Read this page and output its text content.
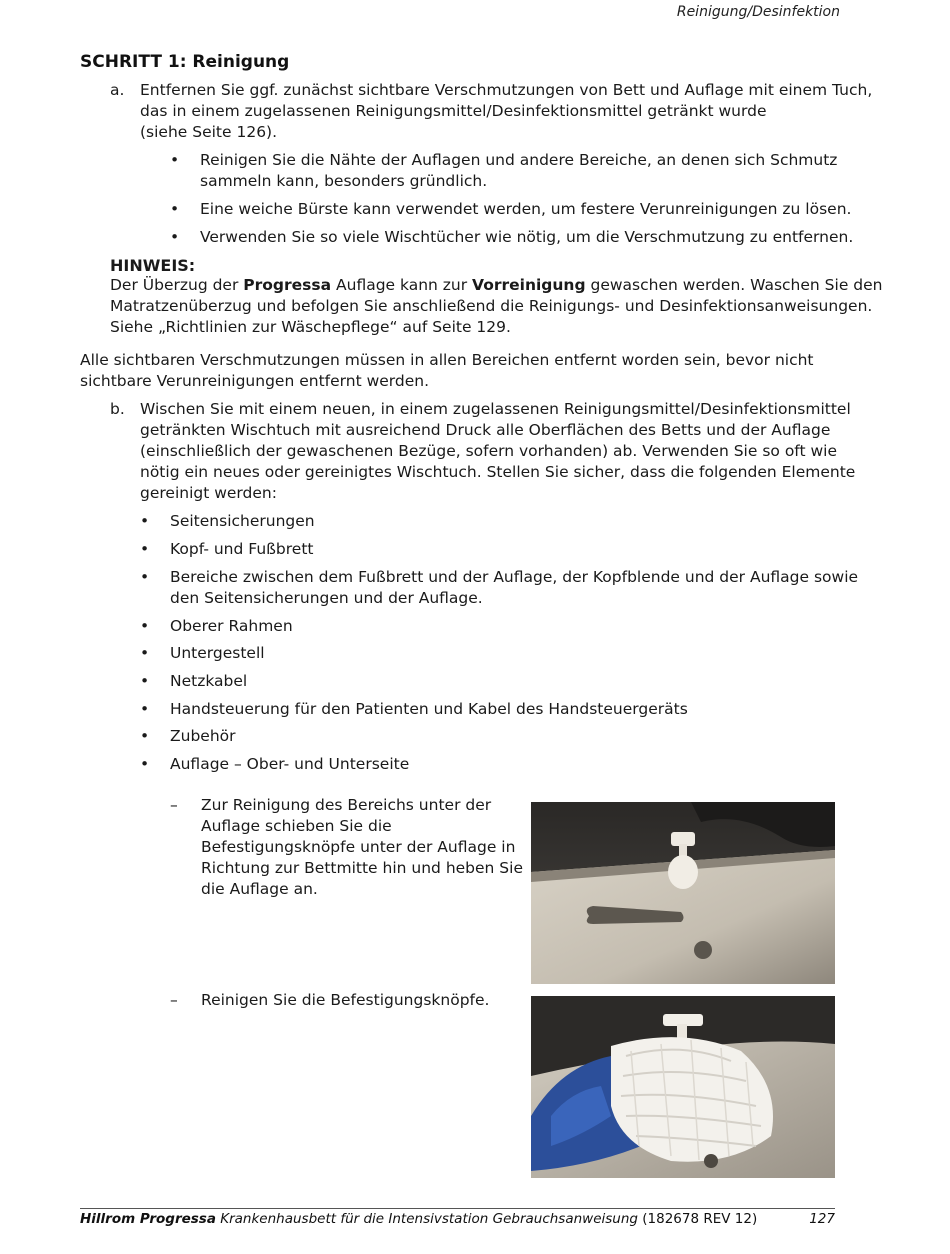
Reinigung/Desinfektion
SCHRITT 1: Reinigung
a. Entfernen Sie ggf. zunächst sichtbare Verschmutzungen von Bett und Auflage mit einem Tuch,
das in einem zugelassenen Reinigungsmittel/Desinfektionsmittel getränkt wurde
(siehe Seite 126).
• Reinigen Sie die Nähte der Auflagen und andere Bereiche, an denen sich Schmutz
sammeln kann, besonders gründlich.
• Eine weiche Bürste kann verwendet werden, um festere Verunreinigungen zu lösen.
• Verwenden Sie so viele Wischtücher wie nötig, um die Verschmutzung zu entfernen.
HINWEIS:
Der Überzug der Progressa Auflage kann zur Vorreinigung gewaschen werden. Waschen Sie den
Matratzenüberzug und befolgen Sie anschließend die Reinigungs- und Desinfektionsanweisungen.
Siehe „Richtlinien zur Wäschepflege“ auf Seite 129.
Alle sichtbaren Verschmutzungen müssen in allen Bereichen entfernt worden sein, bevor nicht
sichtbare Verunreinigungen entfernt werden.
b. Wischen Sie mit einem neuen, in einem zugelassenen Reinigungsmittel/Desinfektionsmittel
getränkten Wischtuch mit ausreichend Druck alle Oberflächen des Betts und der Auflage
(einschließlich der gewaschenen Bezüge, sofern vorhanden) ab. Verwenden Sie so oft wie
nötig ein neues oder gereinigtes Wischtuch. Stellen Sie sicher, dass die folgenden Elemente
gereinigt werden:
• Seitensicherungen
• Kopf- und Fußbrett
• Bereiche zwischen dem Fußbrett und der Auflage, der Kopfblende und der Auflage sowie
den Seitensicherungen und der Auflage.
• Oberer Rahmen
• Untergestell
• Netzkabel
• Handsteuerung für den Patienten und Kabel des Handsteuergeräts
• Zubehör
• Auflage – Ober- und Unterseite
– Zur Reinigung des Bereichs unter der
Auflage schieben Sie die
Befestigungsknöpfe unter der Auflage in
Richtung zur Bettmitte hin und heben Sie
die Auflage an.
– Reinigen Sie die Befestigungsknöpfe.
Hillrom Progressa Krankenhausbett für die Intensivstation Gebrauchsanweisung (182678 REV 12)	127
